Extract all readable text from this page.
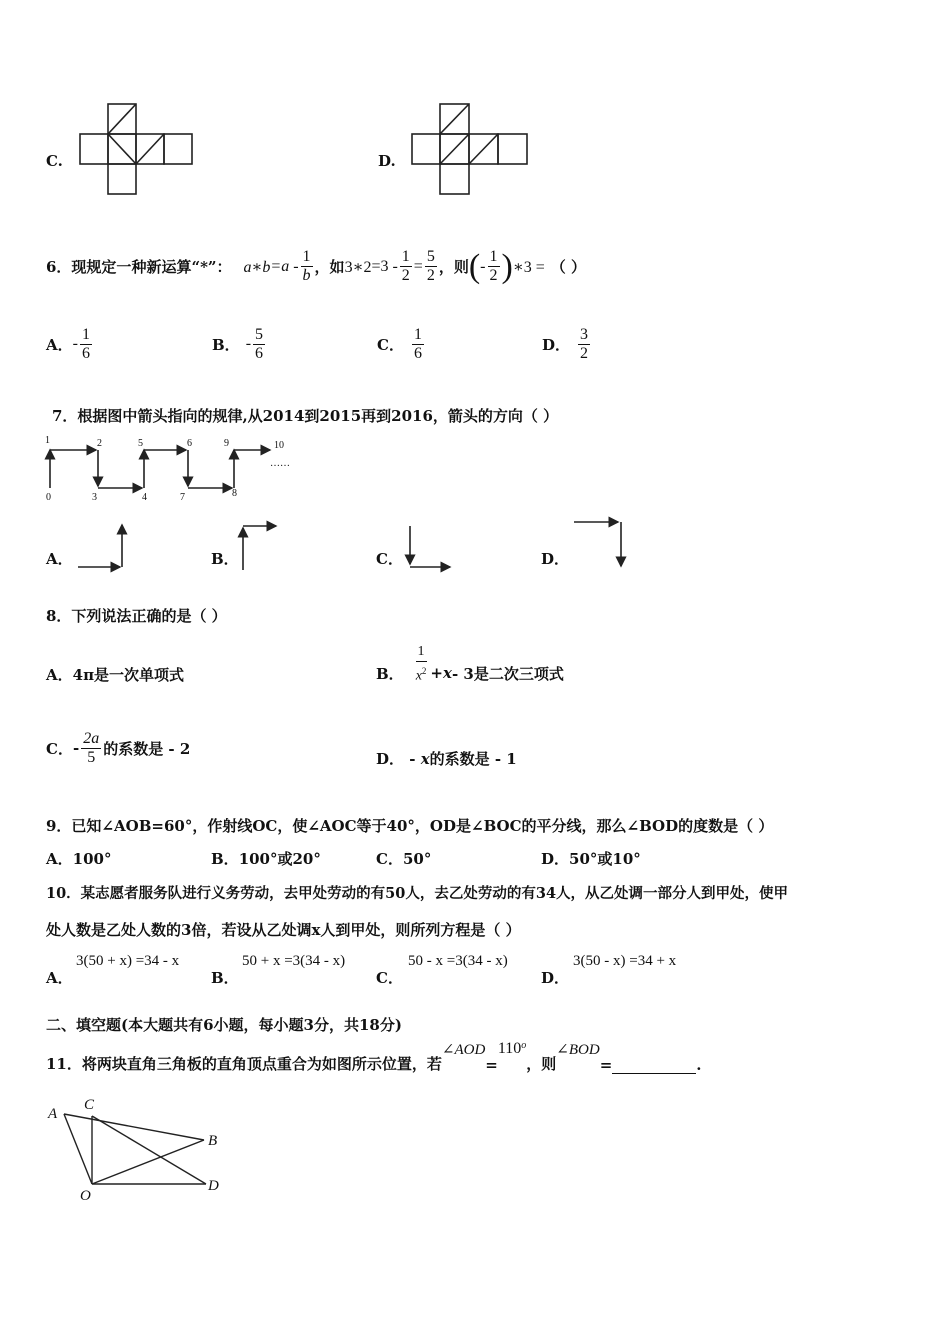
C.	D.
6．现规定一种新运算“*”： a∗b $=a - \frac{1}{b}$ ，如 3∗2 $=3 - \frac{1}{2} = \frac{5}{2}$ ，则 ( - $\frac{1}{2}$ ) ∗3 = （ ）
A． - $\frac{1}{6}$	B． - $\frac{5}{6}$	C． $\frac{1}{6}$	D． $\frac{3}{2}$
7．根据图中箭头指向的规律,从2014到2015再到2016，箭头的方向（ ）
1	2	5	6	9	10
0	3	4	7	8
……
A．	B．	C．	D．
8．下列说法正确的是（ ）
A．4π是一次单项式	B． $\frac{1}{x^2} + x - 3$是二次三项式
C． - $\frac{2a}{5}$ 的系数是 - 2
D． - x的系数是 - 1
9．已知∠AOB=60°，作射线OC，使∠AOC等于40°，OD是∠BOC的平分线，那么∠BOD的度数是（ ）
A．100°	B．100°或20°	C．50°	D．50°或10°
10．某志愿者服务队进行义务劳动，去甲处劳动的有50人，去乙处劳动的有34人，从乙处调一部分人到甲处，使甲
处人数是乙处人数的3倍，若设从乙处调x人到甲处，则所列方程是（ ）
A．
3(50 + x) =34 - x
B．
50 + x =3(34 - x)
C．
50 - x =3(34 - x)
D．
3(50 - x) =34 + x
二、填空题(本大题共有6小题，每小题3分，共18分)
11．将两块直角三角板的直角顶点重合为如图所示位置，若
∠AOD
=
$110^o$
，则
∠BOD
=	.
A
C
B
O
D
